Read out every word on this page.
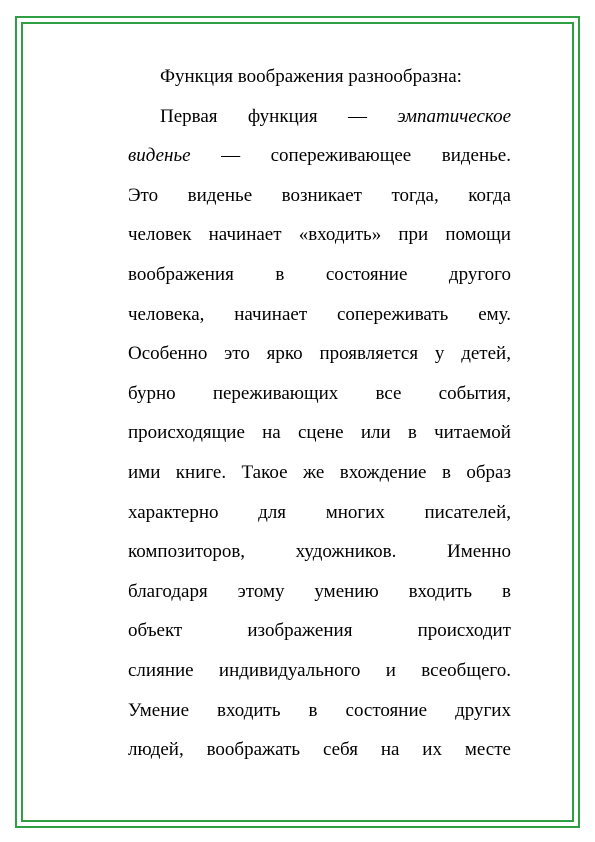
Функция воображения разнообразна:
Первая функция — эмпатическое
виденье — сопереживающее виденье.
Это виденье возникает тогда, когда
человек начинает «входить» при помощи
воображения в состояние другого
человека, начинает сопереживать ему.
Особенно это ярко проявляется у детей,
бурно переживающих все события,
происходящие на сцене или в читаемой
ими книге. Такое же вхождение в образ
характерно для многих писателей,
композиторов,	художников.	Именно
благодаря этому умению входить в
объект	изображения	происходит
слияние индивидуального и всеобщего.
Умение входить в состояние других
людей, воображать себя на их месте
